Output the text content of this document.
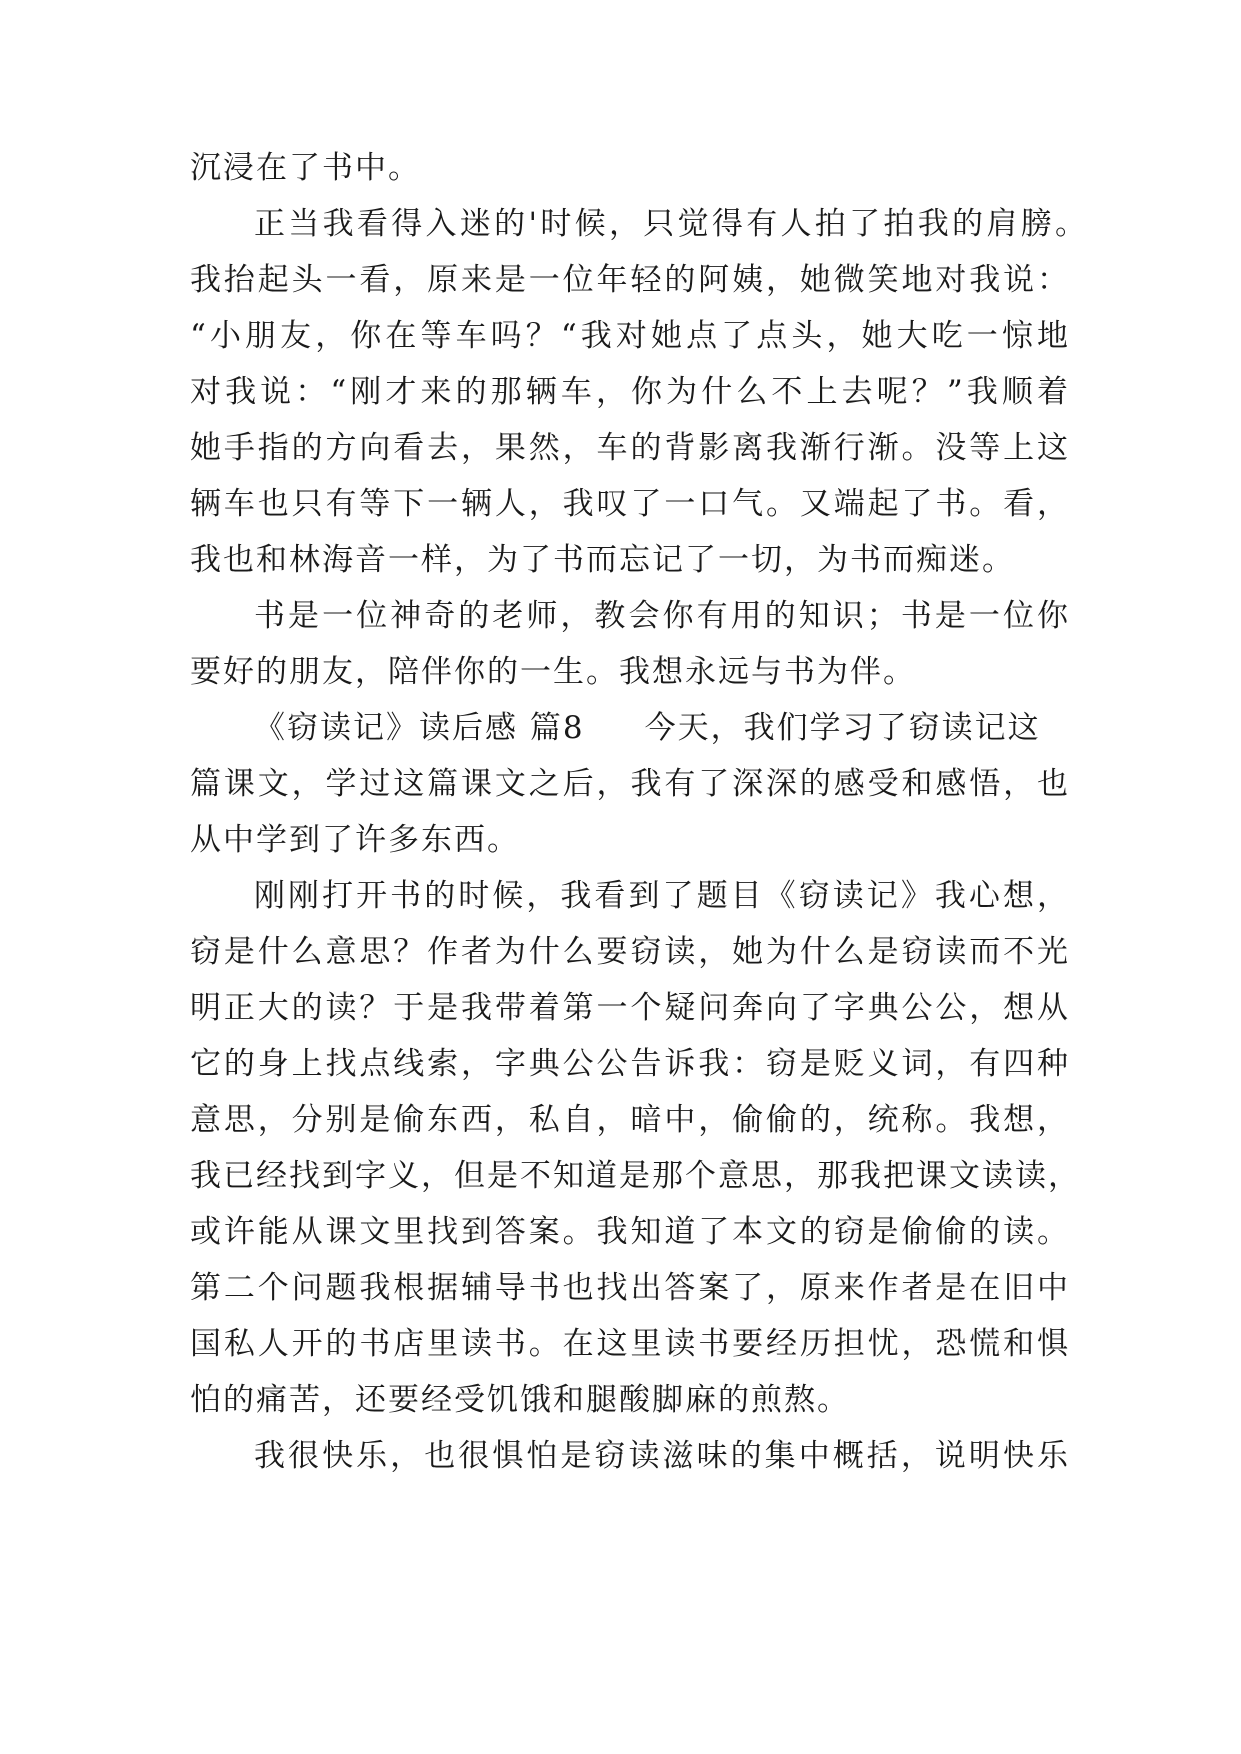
沉浸在了书中。
正当我看得入迷的'时候，只觉得有人拍了拍我的肩膀。
我抬起头一看，原来是一位年轻的阿姨，她微笑地对我说：
“小朋友，你在等车吗？“我对她点了点头，她大吃一惊地
对我说：“刚才来的那辆车，你为什么不上去呢？”我顺着
她手指的方向看去，果然，车的背影离我渐行渐。没等上这
辆车也只有等下一辆人，我叹了一口气。又端起了书。看，
我也和林海音一样，为了书而忘记了一切，为书而痴迷。
书是一位神奇的老师，教会你有用的知识；书是一位你
要好的朋友，陪伴你的一生。我想永远与书为伴。
《窃读记》读后感 篇8 今天，我们学习了窃读记这
篇课文，学过这篇课文之后，我有了深深的感受和感悟，也
从中学到了许多东西。
刚刚打开书的时候，我看到了题目《窃读记》我心想，
窃是什么意思？作者为什么要窃读，她为什么是窃读而不光
明正大的读？于是我带着第一个疑问奔向了字典公公，想从
它的身上找点线索，字典公公告诉我：窃是贬义词，有四种
意思，分别是偷东西，私自，暗中，偷偷的，统称。我想，
我已经找到字义，但是不知道是那个意思，那我把课文读读，
或许能从课文里找到答案。我知道了本文的窃是偷偷的读。
第二个问题我根据辅导书也找出答案了，原来作者是在旧中
国私人开的书店里读书。在这里读书要经历担忧，恐慌和惧
怕的痛苦，还要经受饥饿和腿酸脚麻的煎熬。
我很快乐，也很惧怕是窃读滋味的集中概括，说明快乐
